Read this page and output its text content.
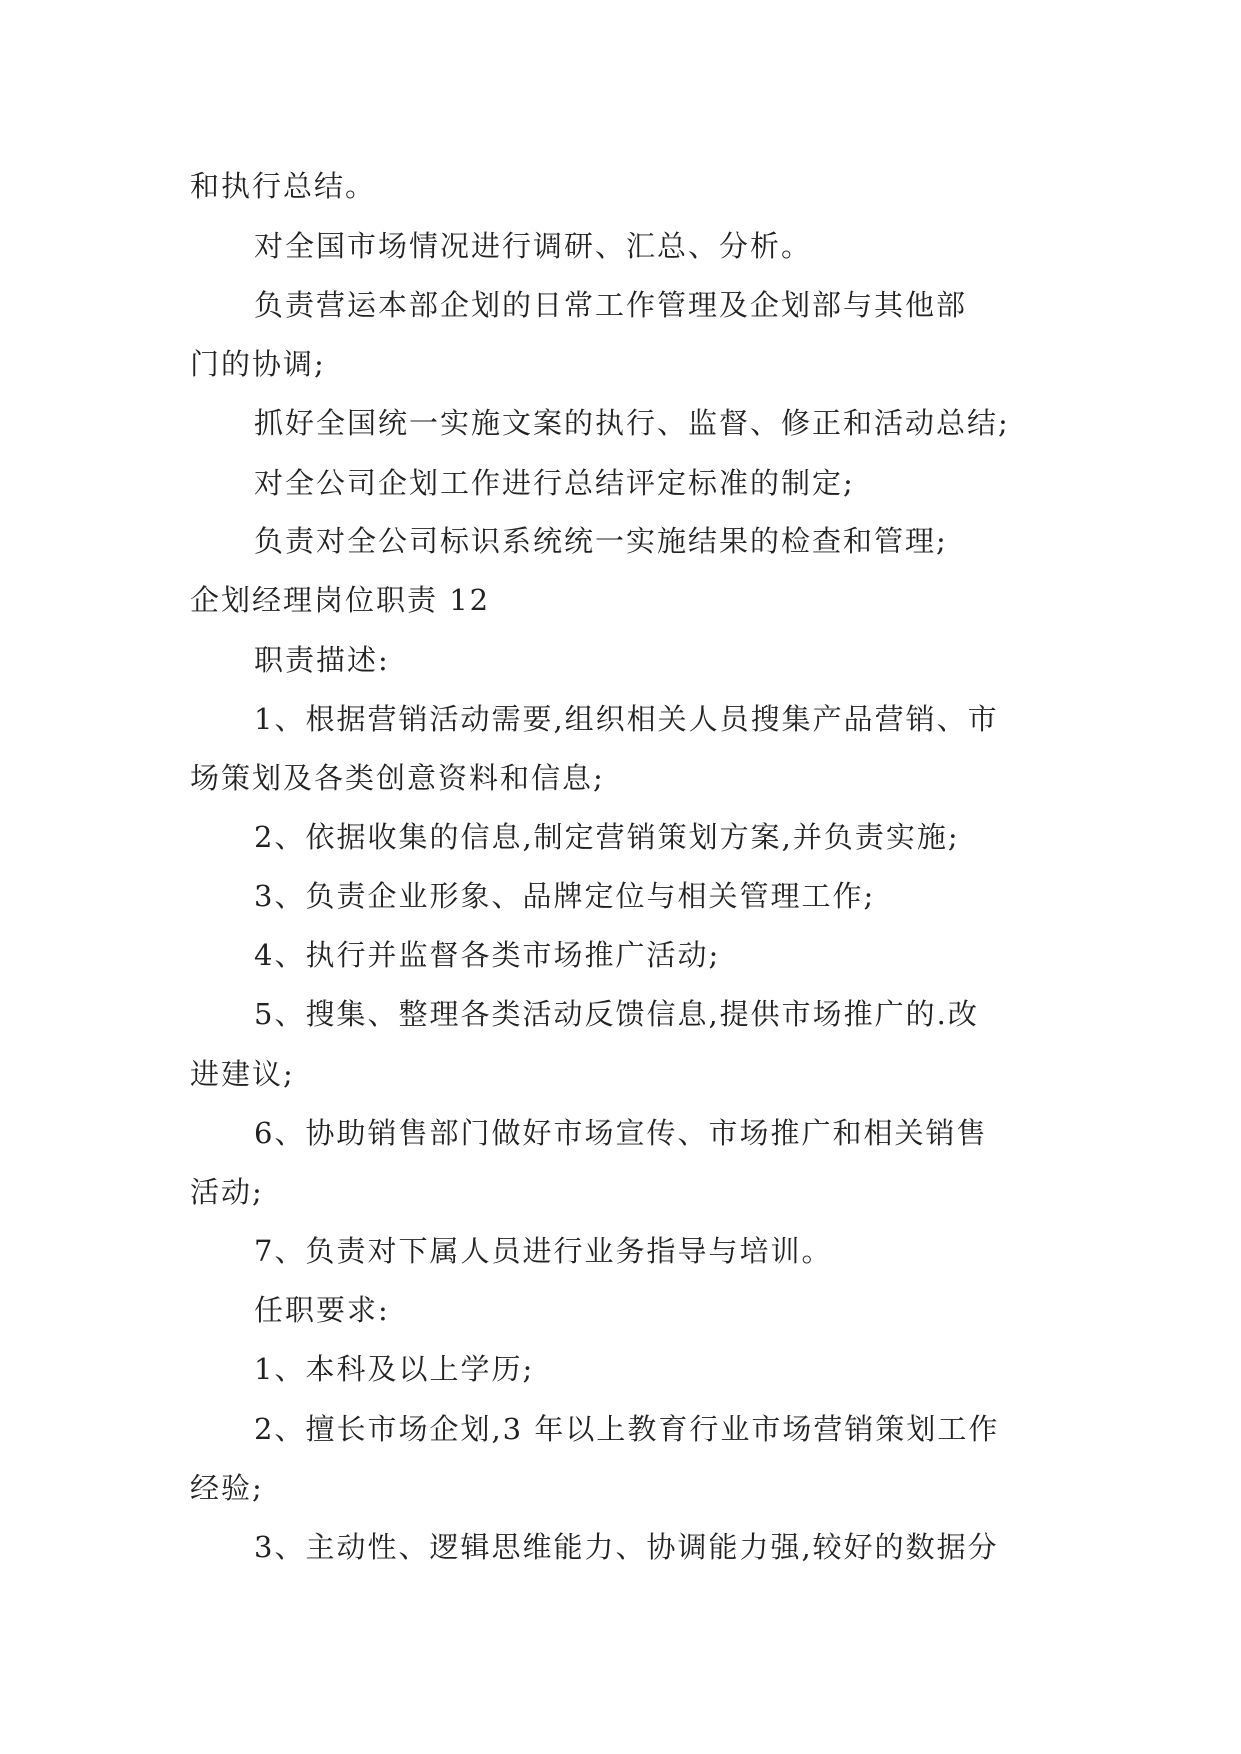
和执行总结。
对全国市场情况进行调研、汇总、分析。
负责营运本部企划的日常工作管理及企划部与其他部
门的协调;
抓好全国统一实施文案的执行、监督、修正和活动总结;
对全公司企划工作进行总结评定标准的制定;
负责对全公司标识系统统一实施结果的检查和管理;
企划经理岗位职责 12
职责描述:
1、根据营销活动需要,组织相关人员搜集产品营销、市
场策划及各类创意资料和信息;
2、依据收集的信息,制定营销策划方案,并负责实施;
3、负责企业形象、品牌定位与相关管理工作;
4、执行并监督各类市场推广活动;
5、搜集、整理各类活动反馈信息,提供市场推广的.改
进建议;
6、协助销售部门做好市场宣传、市场推广和相关销售
活动;
7、负责对下属人员进行业务指导与培训。
任职要求:
1、本科及以上学历;
2、擅长市场企划,3 年以上教育行业市场营销策划工作
经验;
3、主动性、逻辑思维能力、协调能力强,较好的数据分
